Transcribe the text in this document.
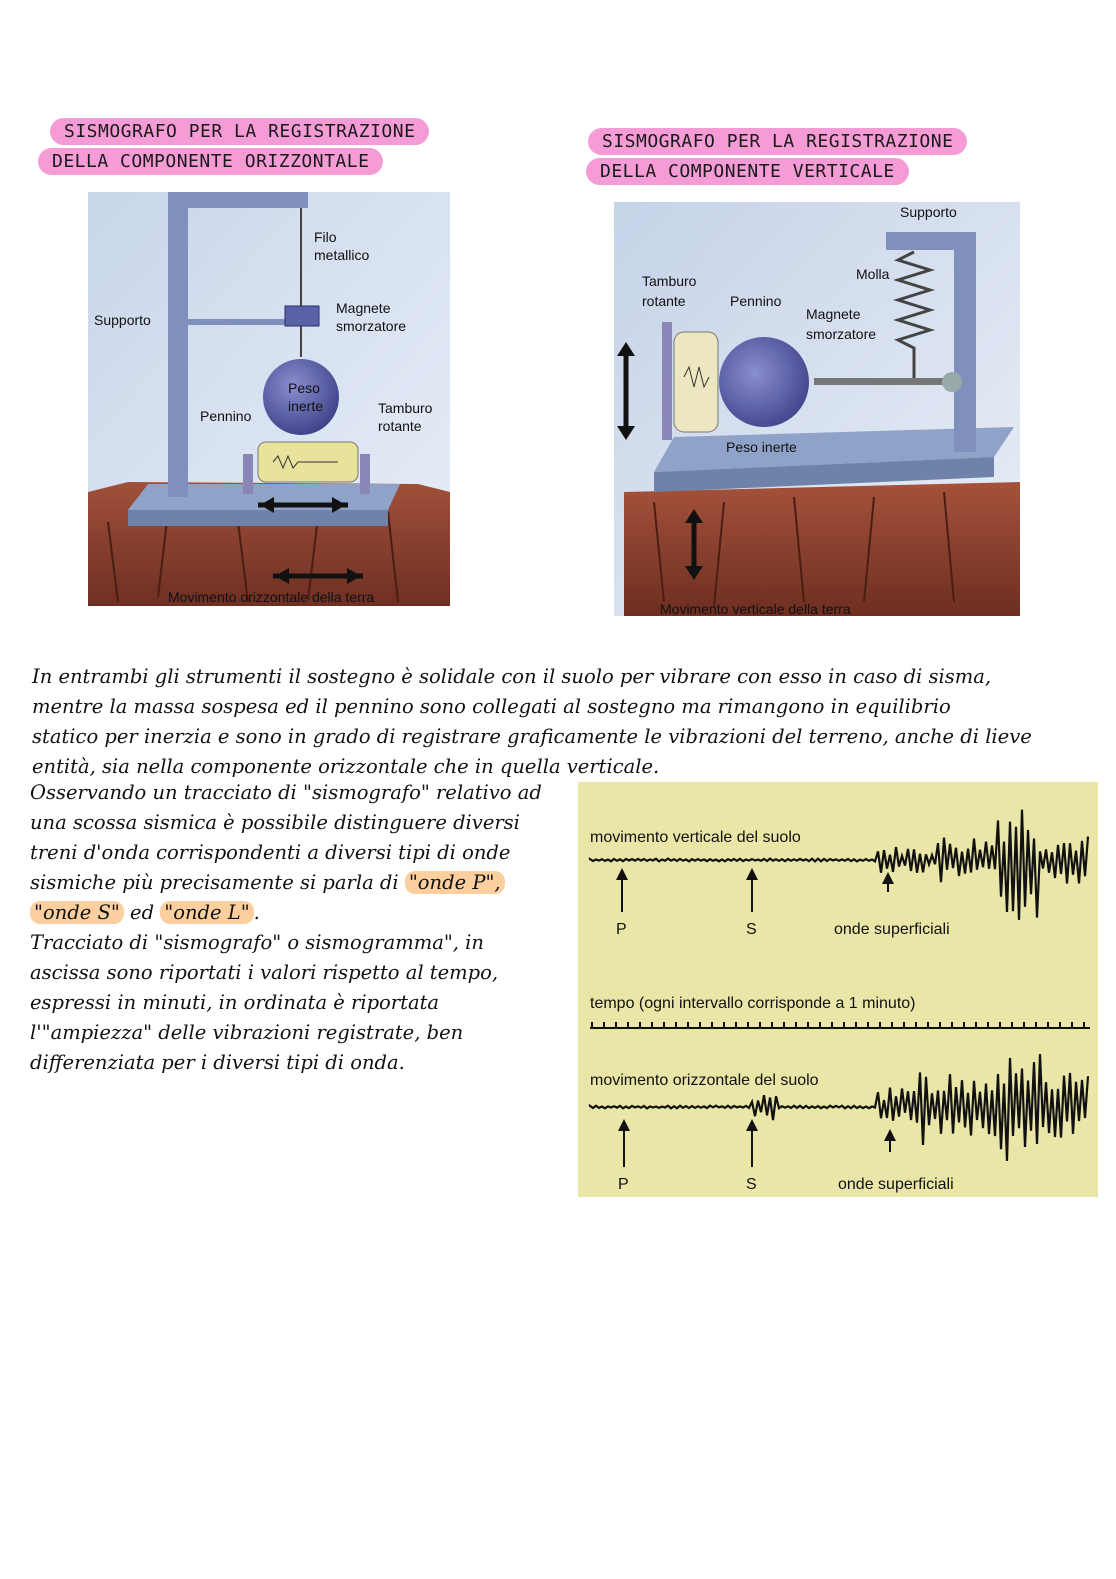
SISMOGRAFO PER LA REGISTRAZIONE
DELLA COMPONENTE ORIZZONTALE
SISMOGRAFO PER LA REGISTRAZIONE
DELLA COMPONENTE VERTICALE
Filo
metallico
Magnete
smorzatore
Supporto
Peso
inerte
Pennino	Tamburo
rotante
Movimento orizzontale della terra
Supporto
Molla
Tamburo
rotante	Pennino
Magnete
smorzatore
Peso inerte
Movimento verticale della terra
In entrambi gli strumenti il sostegno è solidale con il suolo per vibrare con esso in caso di sisma,
mentre la massa sospesa ed il pennino sono collegati al sostegno ma rimangono in equilibrio
statico per inerzia e sono in grado di registrare graficamente le vibrazioni del terreno, anche di lieve
entità, sia nella componente orizzontale che in quella verticale.
Osservando un tracciato di "sismografo" relativo ad
una scossa sismica è possibile distinguere diversi
treni d'onda corrispondenti a diversi tipi di onde
sismiche più precisamente si parla di "onde P",
"onde S" ed "onde L" .
Tracciato di "sismografo" o sismogramma", in
ascissa sono riportati i valori rispetto al tempo,
espressi in minuti, in ordinata è riportata
l'"ampiezza" delle vibrazioni registrate, ben
differenziata per i diversi tipi di onda.
movimento verticale del suolo
P	S	onde superficiali
tempo (ogni intervallo corrisponde a 1 minuto)
movimento orizzontale del suolo
P	S	onde superficiali
